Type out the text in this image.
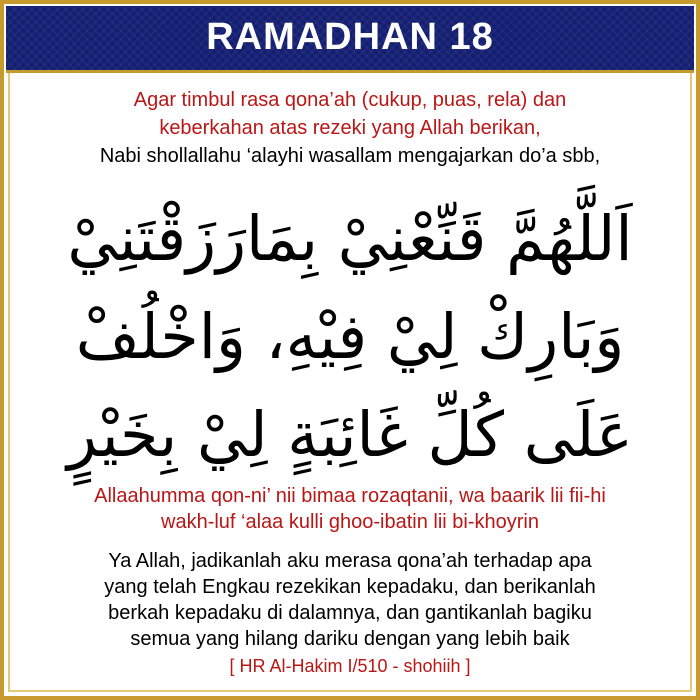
RAMADHAN 18
Agar timbul rasa qona’ah (cukup, puas, rela) dan
keberkahan atas rezeki yang Allah berikan,
Nabi shollallahu ‘alayhi wasallam mengajarkan do’a sbb,
اَللَّهُمَّ قَنِّعْنِيْ بِمَارَزَقْتَنِيْ
وَبَارِكْ لِيْ فِيْهِ، وَاخْلُفْ
عَلَى كُلِّ غَائِبَةٍ لِيْ بِخَيْرٍ
Allaahumma qon-ni’ nii bimaa rozaqtanii, wa baarik lii fii-hi
wakh-luf ‘alaa kulli ghoo-ibatin lii bi-khoyrin
Ya Allah, jadikanlah aku merasa qona’ah terhadap apa
yang telah Engkau rezekikan kepadaku, dan berikanlah
berkah kepadaku di dalamnya, dan gantikanlah bagiku
semua yang hilang dariku dengan yang lebih baik
[ HR Al-Hakim I/510 - shohiih ]
